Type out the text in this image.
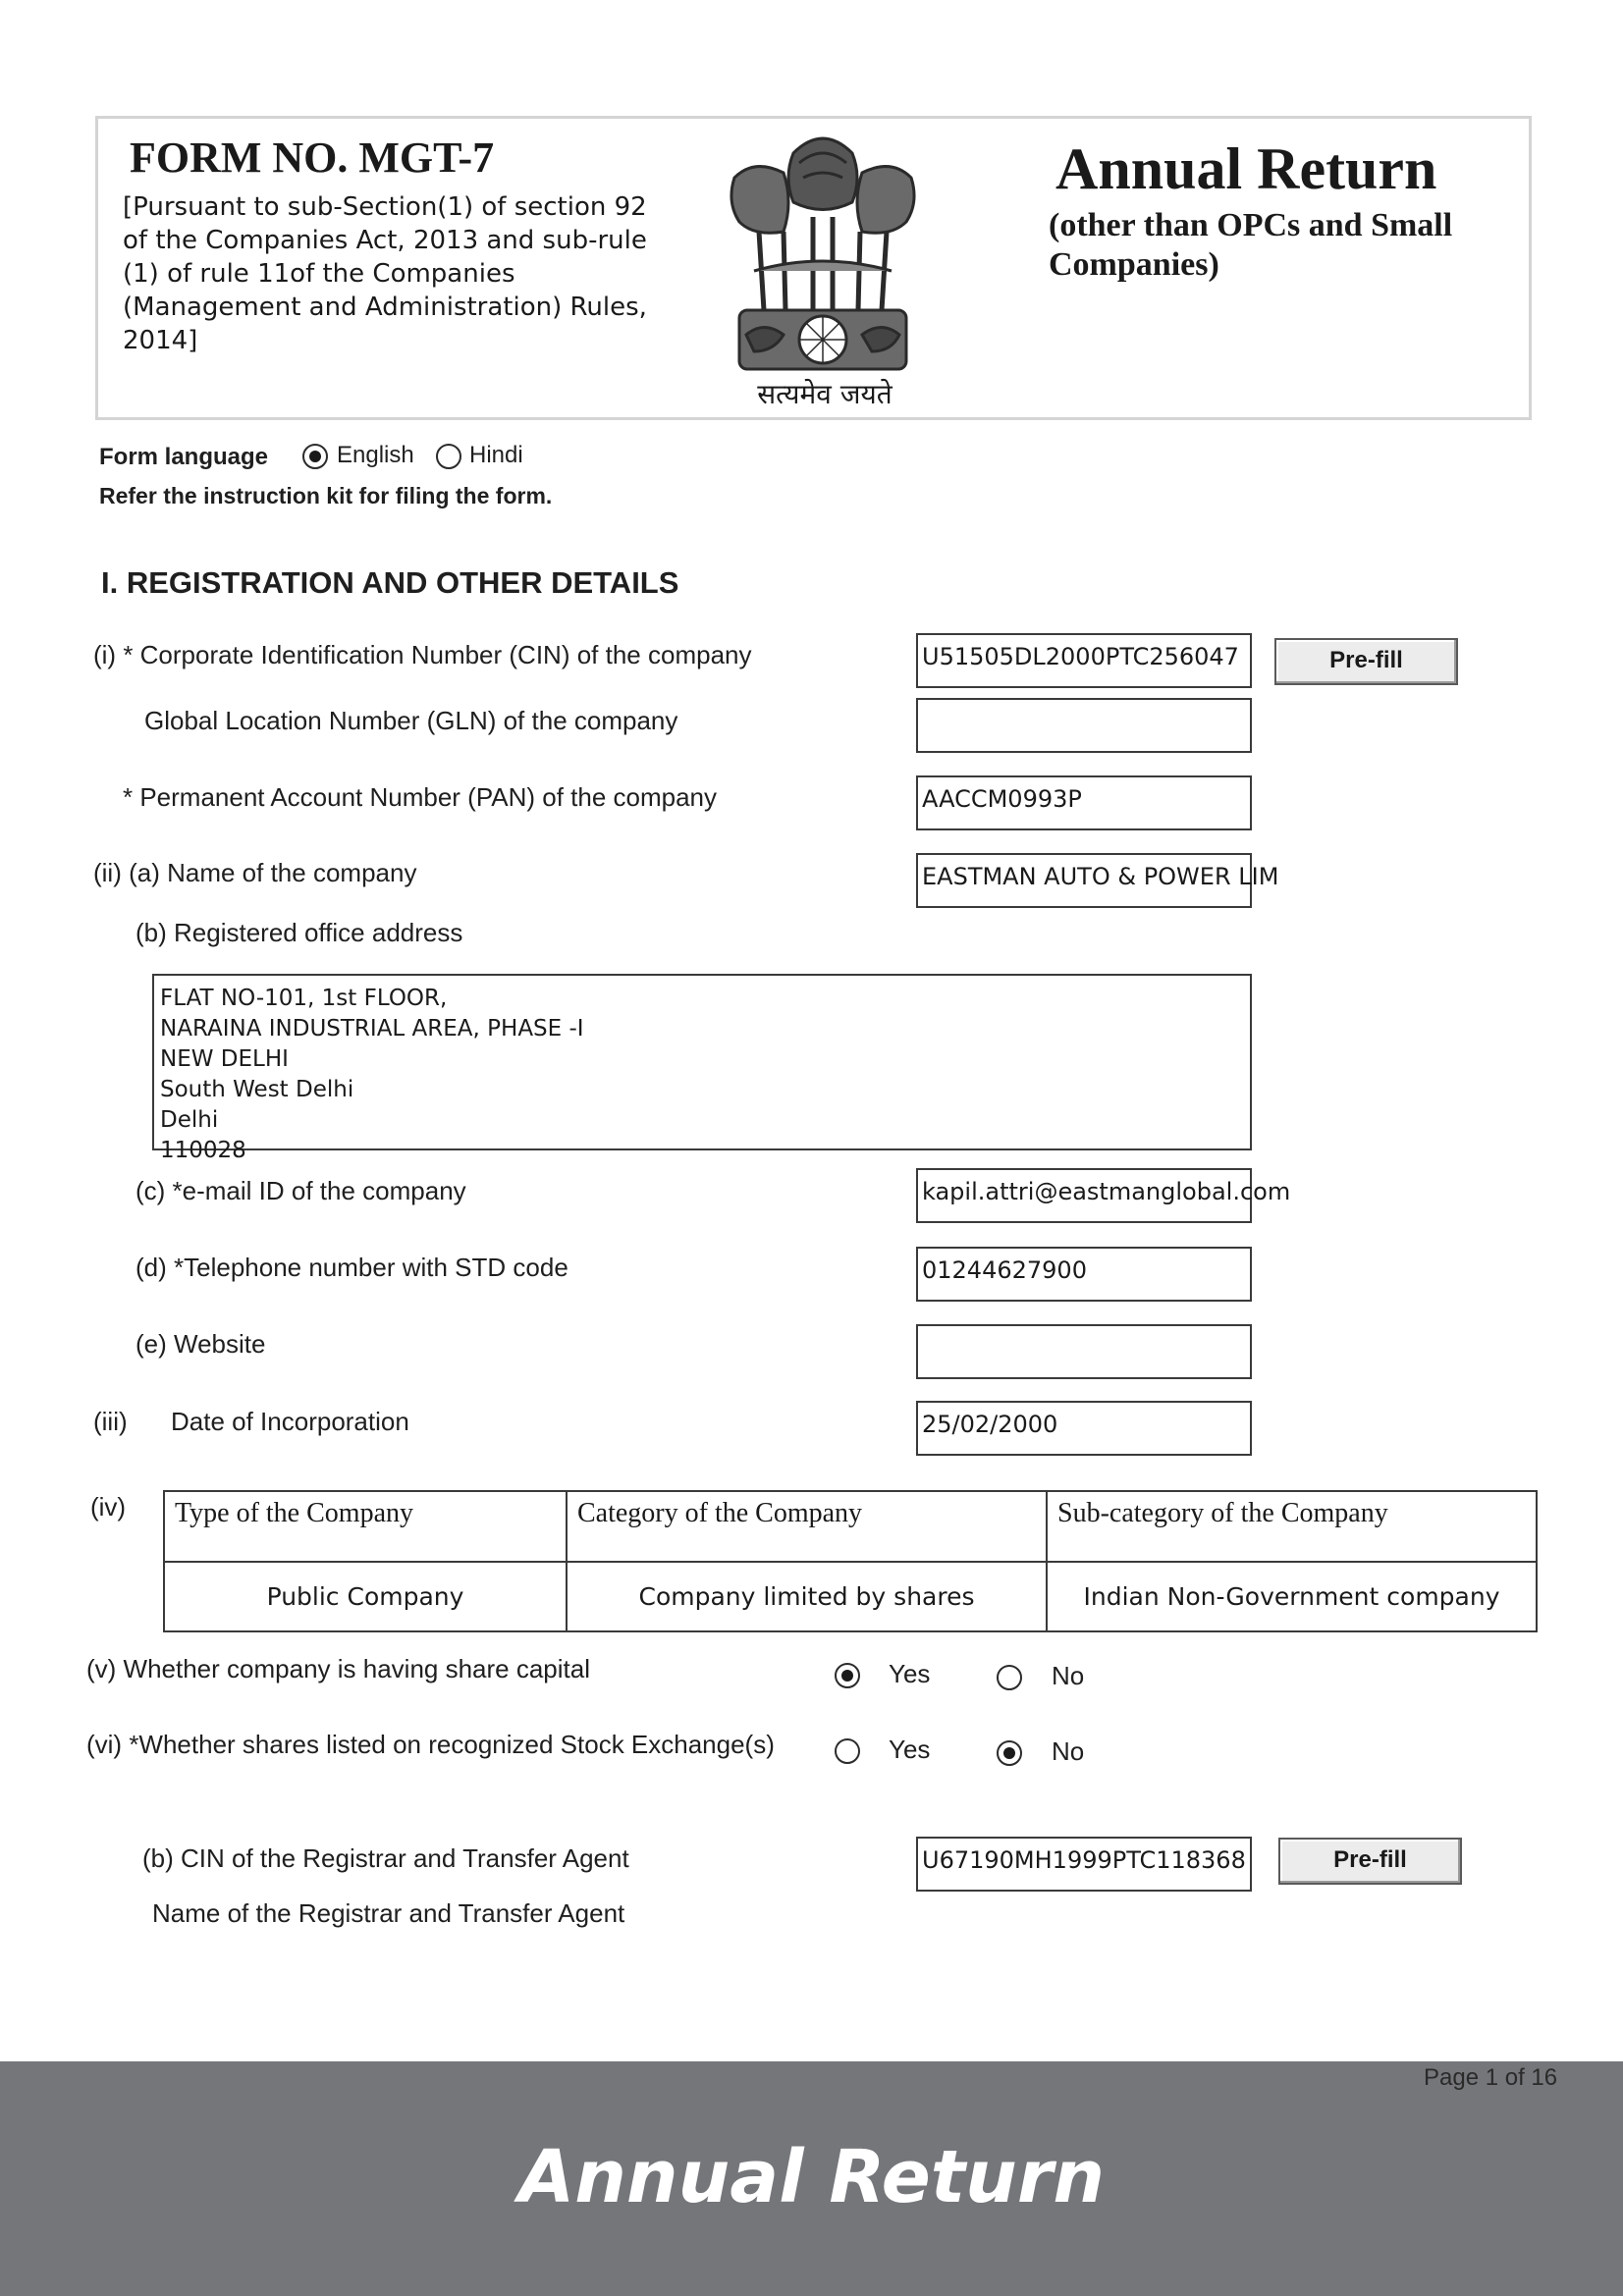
FORM NO. MGT-7
[Pursuant to sub-Section(1) of section 92 of the Companies Act, 2013 and sub-rule (1) of rule 11of the Companies (Management and Administration) Rules, 2014]
सत्यमेव जयते
Annual Return
(other than OPCs and Small Companies)
Form language	English Hindi
Refer the instruction kit for filing the form.
I. REGISTRATION AND OTHER DETAILS
(i) * Corporate Identification Number (CIN) of the company	U51505DL2000PTC256047	Pre-fill
Global Location Number (GLN) of the company
* Permanent Account Number (PAN) of the company	AACCM0993P
(ii) (a) Name of the company	EASTMAN AUTO & POWER LIM
(b) Registered office address
FLAT NO-101, 1st FLOOR,
NARAINA INDUSTRIAL AREA, PHASE -I
NEW DELHI
South West Delhi
Delhi
110028
(c) *e-mail ID of the company	kapil.attri@eastmanglobal.com
(d) *Telephone number with STD code	01244627900
(e) Website
(iii) Date of Incorporation	25/02/2000
(iv) Type of the Company	Category of the Company	Sub-category of the Company
Public Company	Company limited by shares	Indian Non-Government company
(v) Whether company is having share capital	Yes	No
(vi) *Whether shares listed on recognized Stock Exchange(s)	Yes	No
(b) CIN of the Registrar and Transfer Agent	U67190MH1999PTC118368	Pre-fill
Name of the Registrar and Transfer Agent
Page 1 of 16
Annual Return
